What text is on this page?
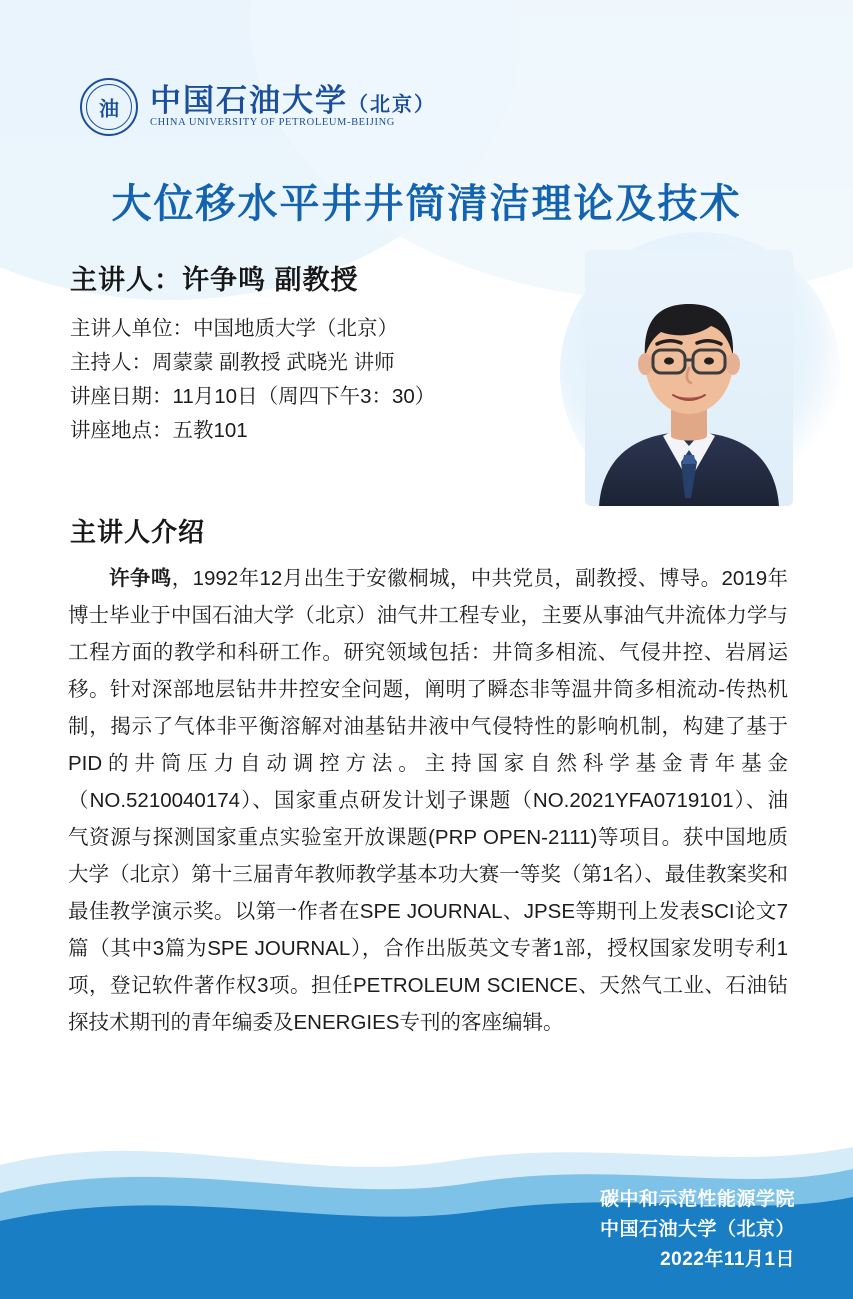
油	中国石油大学（北京）
CHINA UNIVERSITY OF PETROLEUM-BEIJING
大位移水平井井筒清洁理论及技术
主讲人：许争鸣 副教授
主讲人单位：中国地质大学（北京）
主持人：周蒙蒙 副教授 武晓光 讲师
讲座日期：11月10日（周四下午3：30）
讲座地点：五教101
主讲人介绍
许争鸣，1992年12月出生于安徽桐城，中共党员，副教授、博导。2019年博士毕业于中国石油大学（北京）油气井工程专业，主要从事油气井流体力学与工程方面的教学和科研工作。研究领域包括：井筒多相流、气侵井控、岩屑运移。针对深部地层钻井井控安全问题，阐明了瞬态非等温井筒多相流动-传热机制，揭示了气体非平衡溶解对油基钻井液中气侵特性的影响机制，构建了基于PID的井筒压力自动调控方法。主持国家自然科学基金青年基金（NO.5210040174）、国家重点研发计划子课题（NO.2021YFA0719101）、油气资源与探测国家重点实验室开放课题(PRP OPEN-2111)等项目。获中国地质大学（北京）第十三届青年教师教学基本功大赛一等奖（第1名）、最佳教案奖和最佳教学演示奖。以第一作者在SPE JOURNAL、JPSE等期刊上发表SCI论文7篇（其中3篇为SPE JOURNAL），合作出版英文专著1部，授权国家发明专利1项，登记软件著作权3项。担任PETROLEUM SCIENCE、天然气工业、石油钻探技术期刊的青年编委及ENERGIES专刊的客座编辑。
碳中和示范性能源学院
中国石油大学（北京）
2022年11月1日
